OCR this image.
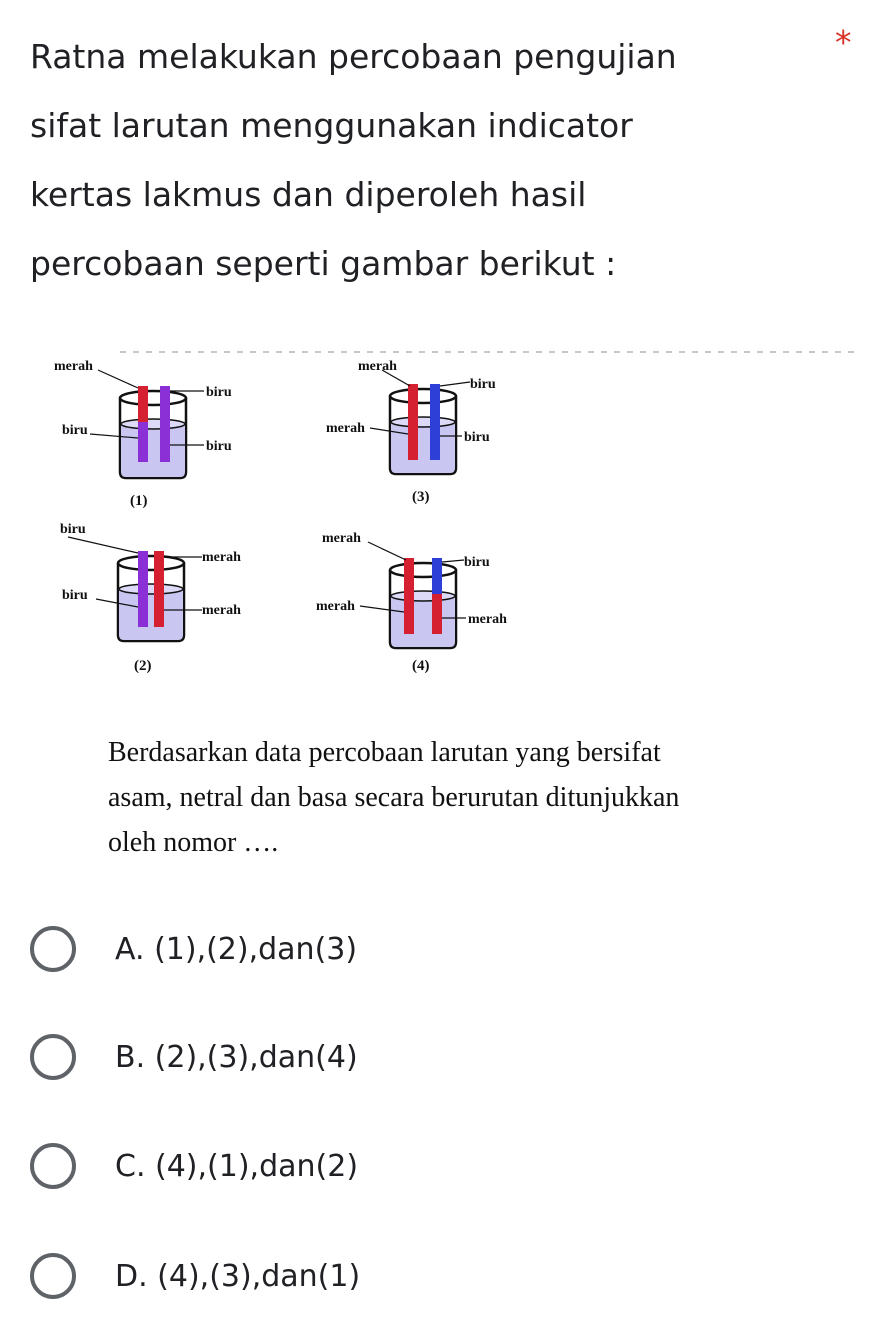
Ratna melakukan percobaan pengujian
sifat larutan menggunakan indicator
kertas lakmus dan diperoleh hasil
percobaan seperti gambar berikut :
*
merah
biru
biru
biru
(1)
merah
biru
merah
biru
(3)
biru
merah
biru
merah
(2)
merah
biru
merah
merah
(4)
Berdasarkan data percobaan larutan yang bersifat
asam, netral dan basa secara berurutan ditunjukkan
oleh nomor ….
A. (1),(2),dan(3)
B. (2),(3),dan(4)
C. (4),(1),dan(2)
D. (4),(3),dan(1)
